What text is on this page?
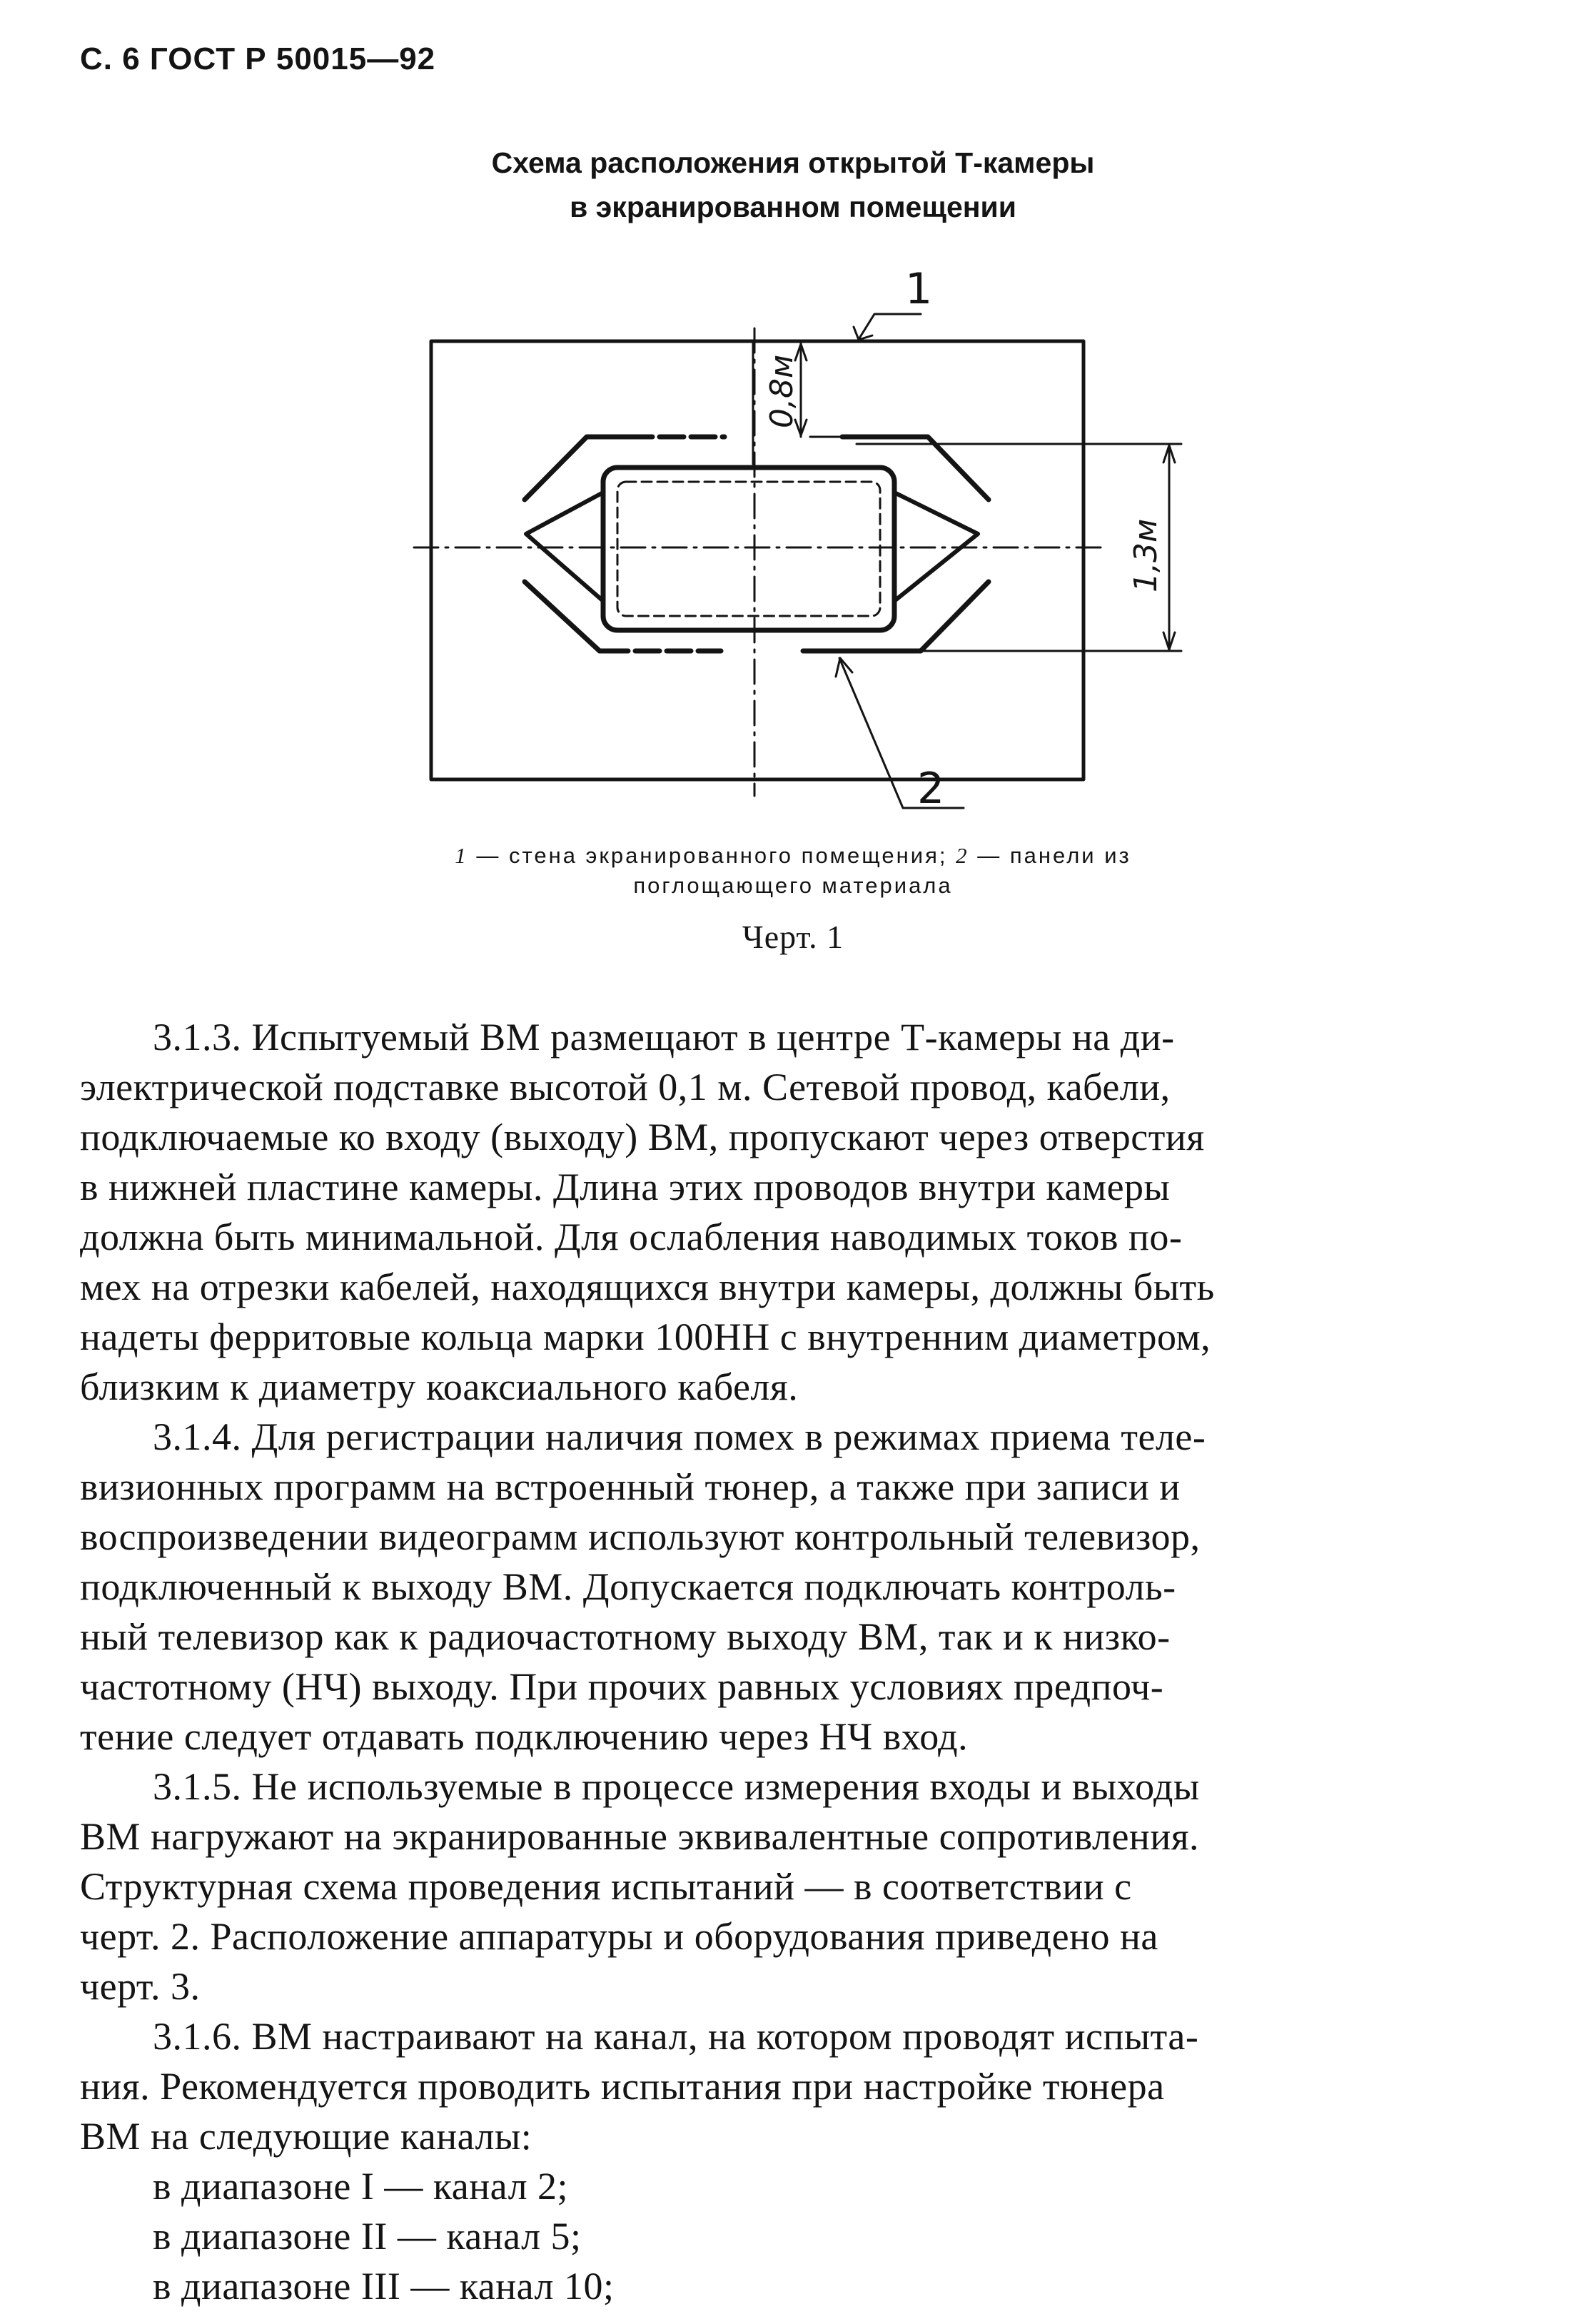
С. 6 ГОСТ Р 50015—92
Схема расположения открытой Т-камеры
в экранированном помещении
0,8м
1,3м
1
2
1 — стена экранированного помещения; 2 — панели из
поглощающего материала
Черт. 1
3.1.3. Испытуемый ВМ размещают в центре Т-камеры на ди-
электрической подставке высотой 0,1 м. Сетевой провод, кабели,
подключаемые ко входу (выходу) ВМ, пропускают через отверстия
в нижней пластине камеры. Длина этих проводов внутри камеры
должна быть минимальной. Для ослабления наводимых токов по-
мех на отрезки кабелей, находящихся внутри камеры, должны быть
надеты ферритовые кольца марки 100НН с внутренним диаметром,
близким к диаметру коаксиального кабеля.
3.1.4. Для регистрации наличия помех в режимах приема теле-
визионных программ на встроенный тюнер, а также при записи и
воспроизведении видеограмм используют контрольный телевизор,
подключенный к выходу ВМ. Допускается подключать контроль-
ный телевизор как к радиочастотному выходу ВМ, так и к низко-
частотному (НЧ) выходу. При прочих равных условиях предпоч-
тение следует отдавать подключению через НЧ вход.
3.1.5. Не используемые в процессе измерения входы и выходы
ВМ нагружают на экранированные эквивалентные сопротивления.
Структурная схема проведения испытаний — в соответствии с
черт. 2. Расположение аппаратуры и оборудования приведено на
черт. 3.
3.1.6. ВМ настраивают на канал, на котором проводят испыта-
ния. Рекомендуется проводить испытания при настройке тюнера
ВМ на следующие каналы:
в диапазоне I — канал 2;
в диапазоне II — канал 5;
в диапазоне III — канал 10;
